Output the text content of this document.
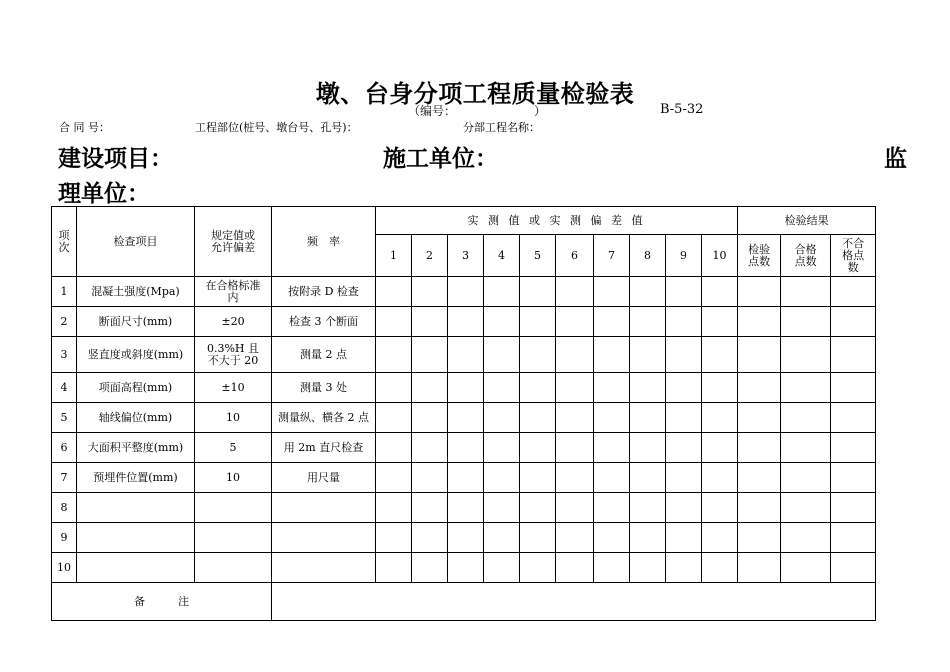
墩、台身分项工程质量检验表
（编号：	）	B-5-32
合 同 号：	工程部位(桩号、墩台号、孔号)：	分部工程名称：
建设项目：	施工单位：	监
理单位：
项次	检查项目	规定值或允许偏差	频　率	实 测 值 或 实 测 偏 差 值										检验结果		
				1	2	3	4	5	6	7	8	9	10	检验点数	合格点数	不合格点数
1	混凝土强度(Mpa)	在合格标准内	按附录 D 检查													
2	断面尺寸(mm)	±20	检查 3 个断面													
3	竖直度或斜度(mm)	0.3%H 且不大于 20	测量 2 点													
4	项面高程(mm)	±10	测量 3 处													
5	轴线偏位(mm)	10	测量纵、横各 2 点													
6	大面积平整度(mm)	5	用 2m 直尺检查													
7	预埋件位置(mm)	10	用尺量													
8																
9																
10																
备　　　注																
